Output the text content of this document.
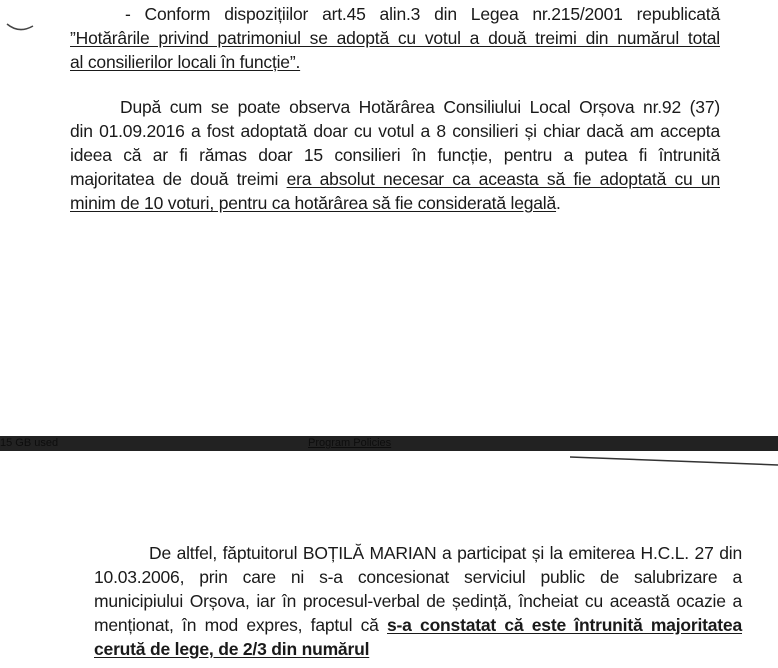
- Conform dispozițiilor art.45 alin.3 din Legea nr.215/2001 republicată
”Hotărârile privind patrimoniul se adoptă cu votul a două treimi din numărul total
al consilierilor locali în funcție”.
După cum se poate observa Hotărârea Consiliului Local Orșova nr.92 (37)
din 01.09.2016 a fost adoptată doar cu votul a 8 consilieri și chiar dacă am accepta
ideea că ar fi rămas doar 15 consilieri în funcție, pentru a putea fi întrunită
majoritatea de două treimi era absolut necesar ca aceasta să fie adoptată cu un
minim de 10 voturi, pentru ca hotărârea să fie considerată legală.
15 GB used	Program Policies
De altfel, făptuitorul BOȚILĂ MARIAN a participat și la emiterea H.C.L. 27 din
10.03.2006, prin care ni s-a concesionat serviciul public de salubrizare a
municipiului Orșova, iar în procesul-verbal de ședință, încheiat cu această ocazie a
menționat, în mod expres, faptul că s-a constatat că este întrunită majoritatea
cerută de lege, de 2/3 din numărul
